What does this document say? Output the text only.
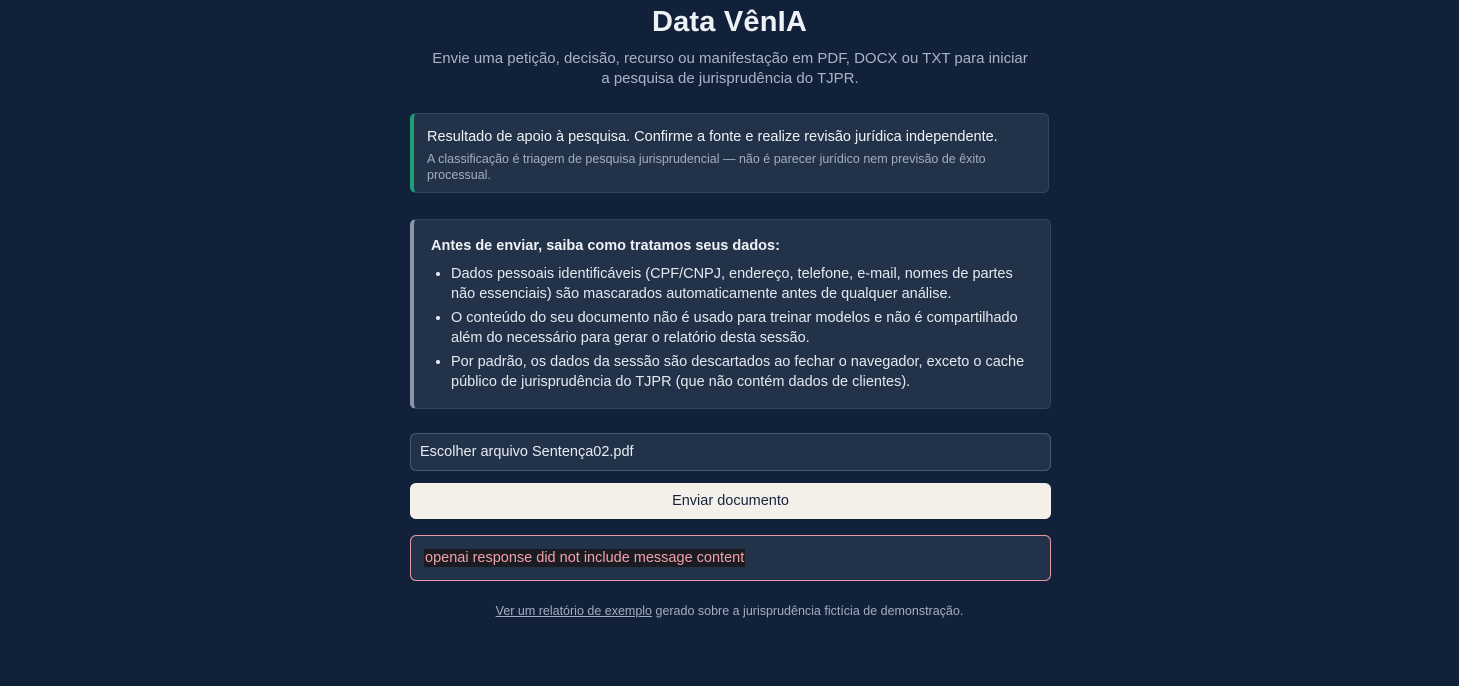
Data VênIA
Envie uma petição, decisão, recurso ou manifestação em PDF, DOCX ou TXT para iniciar a pesquisa de jurisprudência do TJPR.
Resultado de apoio à pesquisa. Confirme a fonte e realize revisão jurídica independente.
A classificação é triagem de pesquisa jurisprudencial — não é parecer jurídico nem previsão de êxito processual.
Antes de enviar, saiba como tratamos seus dados:
• Dados pessoais identificáveis (CPF/CNPJ, endereço, telefone, e-mail, nomes de partes não essenciais) são mascarados automaticamente antes de qualquer análise.
• O conteúdo do seu documento não é usado para treinar modelos e não é compartilhado além do necessário para gerar o relatório desta sessão.
• Por padrão, os dados da sessão são descartados ao fechar o navegador, exceto o cache público de jurisprudência do TJPR (que não contém dados de clientes).
Escolher arquivo Sentença02.pdf
Enviar documento
openai response did not include message content
Ver um relatório de exemplo gerado sobre a jurisprudência fictícia de demonstração.
